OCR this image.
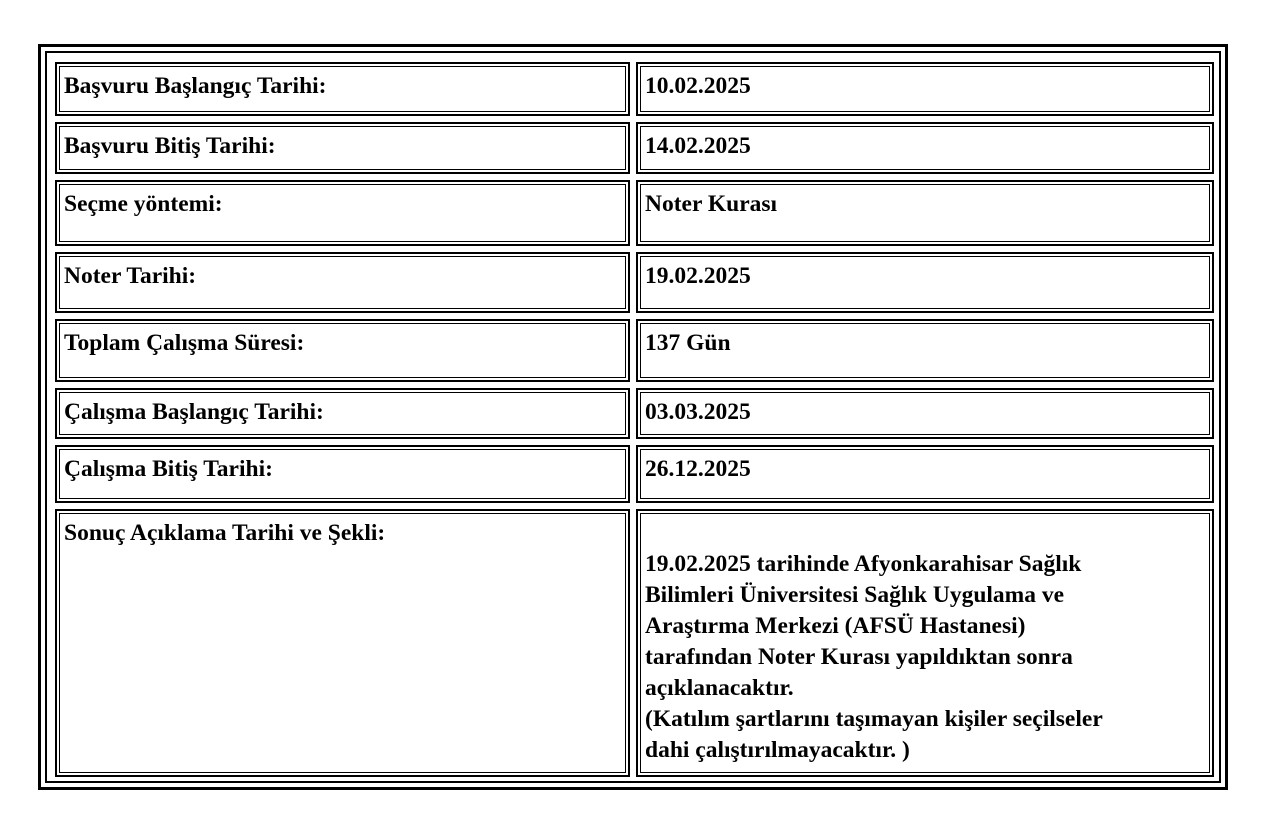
Başvuru Başlangıç Tarihi:	10.02.2025
Başvuru Bitiş Tarihi:	14.02.2025
Seçme yöntemi:	Noter Kurası
Noter Tarihi:	19.02.2025
Toplam Çalışma Süresi:	137 Gün
Çalışma Başlangıç Tarihi:	03.03.2025
Çalışma Bitiş Tarihi:	26.12.2025
Sonuç Açıklama Tarihi ve Şekli:

19.02.2025 tarihinde Afyonkarahisar Sağlık
Bilimleri Üniversitesi Sağlık Uygulama ve
Araştırma Merkezi (AFSÜ Hastanesi)
tarafından Noter Kurası yapıldıktan sonra
açıklanacaktır.
(Katılım şartlarını taşımayan kişiler seçilseler
dahi çalıştırılmayacaktır. )
